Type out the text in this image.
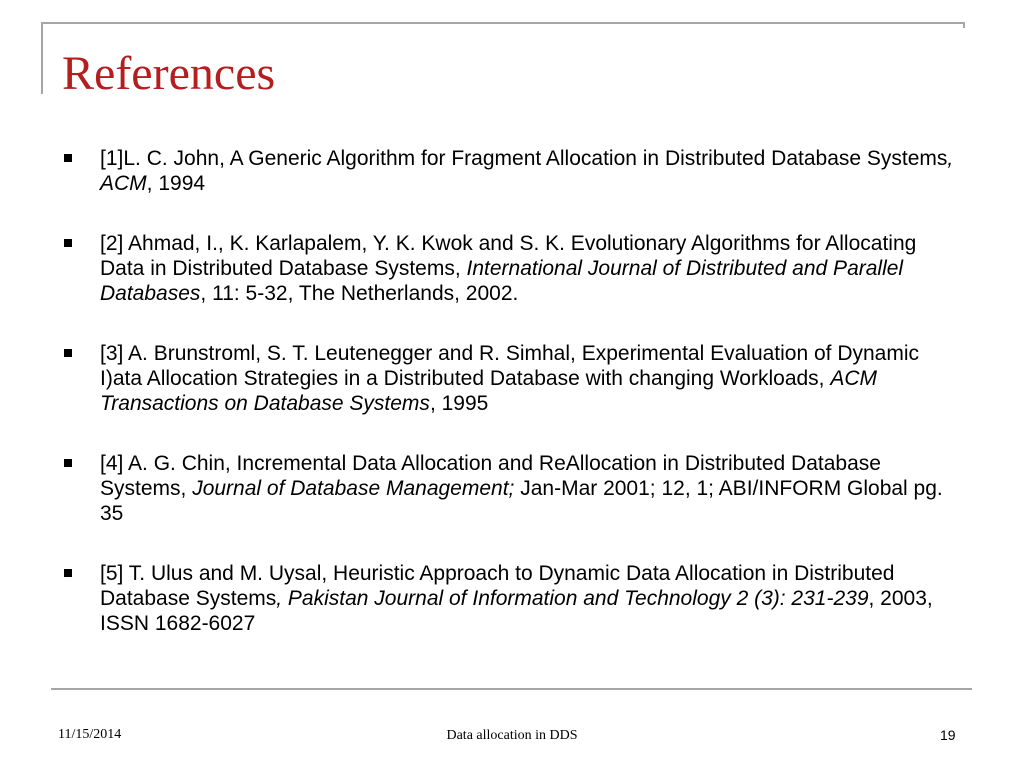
References
[1]L. C. John, A Generic Algorithm for Fragment Allocation in Distributed Database Systems, ACM, 1994
[2] Ahmad, I., K. Karlapalem, Y. K. Kwok and S. K. Evolutionary Algorithms for Allocating Data in Distributed Database Systems, International Journal of Distributed and Parallel Databases, 11: 5-32, The Netherlands, 2002.
[3] A. Brunstroml, S. T. Leutenegger and R. Simhal, Experimental Evaluation of Dynamic I)ata Allocation Strategies in a Distributed Database with changing Workloads, ACM Transactions on Database Systems, 1995
[4] A. G. Chin, Incremental Data Allocation and ReAllocation in Distributed Database Systems, Journal of Database Management; Jan-Mar 2001; 12, 1; ABI/INFORM Global pg. 35
[5] T. Ulus and M. Uysal, Heuristic Approach to Dynamic Data Allocation in Distributed Database Systems, Pakistan Journal of Information and Technology 2 (3): 231-239, 2003, ISSN 1682-6027
11/15/2014	Data allocation in DDS	19
